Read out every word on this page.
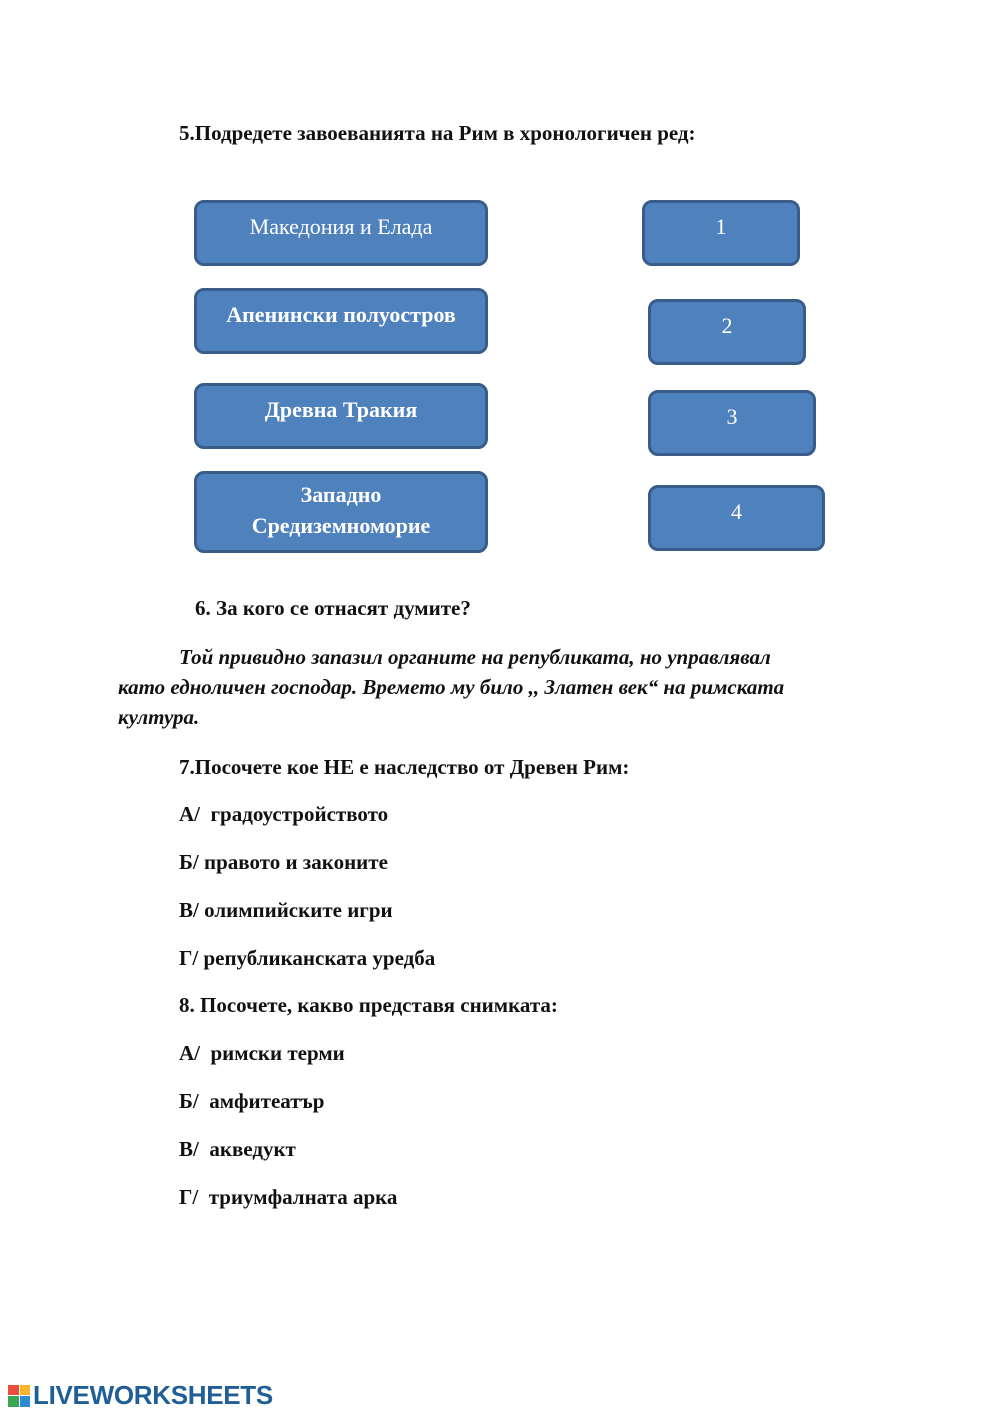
5.Подредете завоеванията на Рим в хронологичен ред:
Македония и Елада
Апенински полуостров
Древна Тракия
Западно
Средиземноморие
1
2
3
4
6. За кого се отнасят думите?
Той привидно запазил органите на републиката, но управлявал
като едноличен господар. Времето му било ,, Златен век“ на римската
култура.
7.Посочете кое НЕ е наследство от Древен Рим:
А/  градоустройството
Б/ правото и законите
В/ олимпийските игри
Г/ републиканската уредба
8. Посочете, какво представя снимката:
А/  римски терми
Б/  амфитеатър
В/  акведукт
Г/  триумфалната арка
LIVEWORKSHEETS
